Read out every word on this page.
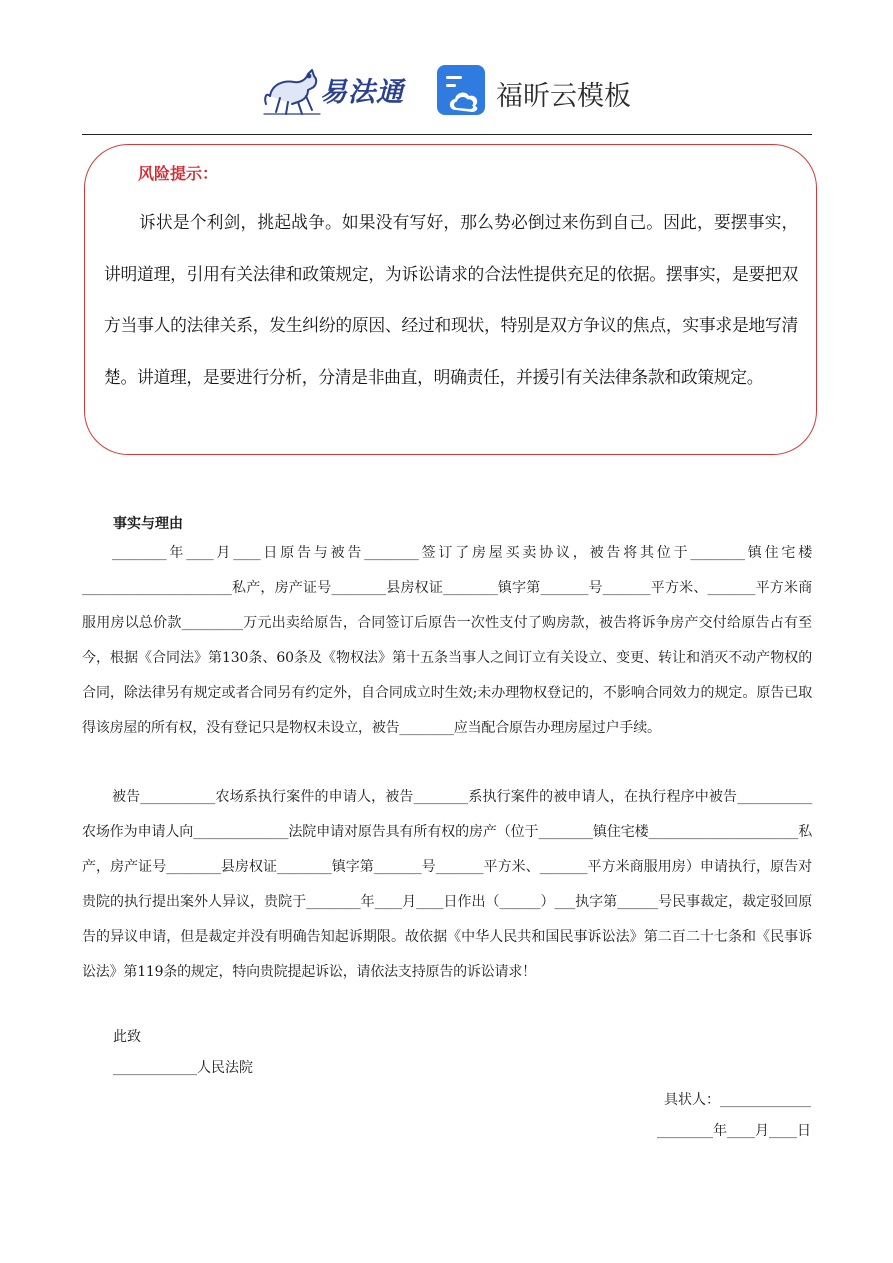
易法通	福昕云模板
风险提示：

诉状是个利剑，挑起战争。如果没有写好，那么势必倒过来伤到自己。因此，要摆事实，讲明道理，引用有关法律和政策规定，为诉讼请求的合法性提供充足的依据。摆事实，是要把双方当事人的法律关系，发生纠纷的原因、经过和现状，特别是双方争议的焦点，实事求是地写清楚。讲道理，是要进行分析，分清是非曲直，明确责任，并援引有关法律条款和政策规定。

事实与理由

________年____月____日原告与被告________签订了房屋买卖协议，被告将其位于________镇住宅楼______________________私产，房产证号________县房权证________镇字第_______号_______平方米、_______平方米商服用房以总价款_________万元出卖给原告，合同签订后原告一次性支付了购房款，被告将诉争房产交付给原告占有至今，根据《合同法》第130条、60条及《物权法》第十五条当事人之间订立有关设立、变更、转让和消灭不动产物权的合同，除法律另有规定或者合同另有约定外，自合同成立时生效;未办理物权登记的，不影响合同效力的规定。原告已取得该房屋的所有权，没有登记只是物权未设立，被告________应当配合原告办理房屋过户手续。

被告___________农场系执行案件的申请人，被告________系执行案件的被申请人，在执行程序中被告___________农场作为申请人向______________法院申请对原告具有所有权的房产（位于________镇住宅楼______________________私产，房产证号________县房权证________镇字第_______号_______平方米、_______平方米商服用房）申请执行，原告对贵院的执行提出案外人异议，贵院于________年____月____日作出（______）___执字第______号民事裁定，裁定驳回原告的异议申请，但是裁定并没有明确告知起诉期限。故依据《中华人民共和国民事诉讼法》第二百二十七条和《民事诉讼法》第119条的规定，特向贵院提起诉讼，请依法支持原告的诉讼请求！

此致
____________人民法院
具状人：_____________
________年____月____日
